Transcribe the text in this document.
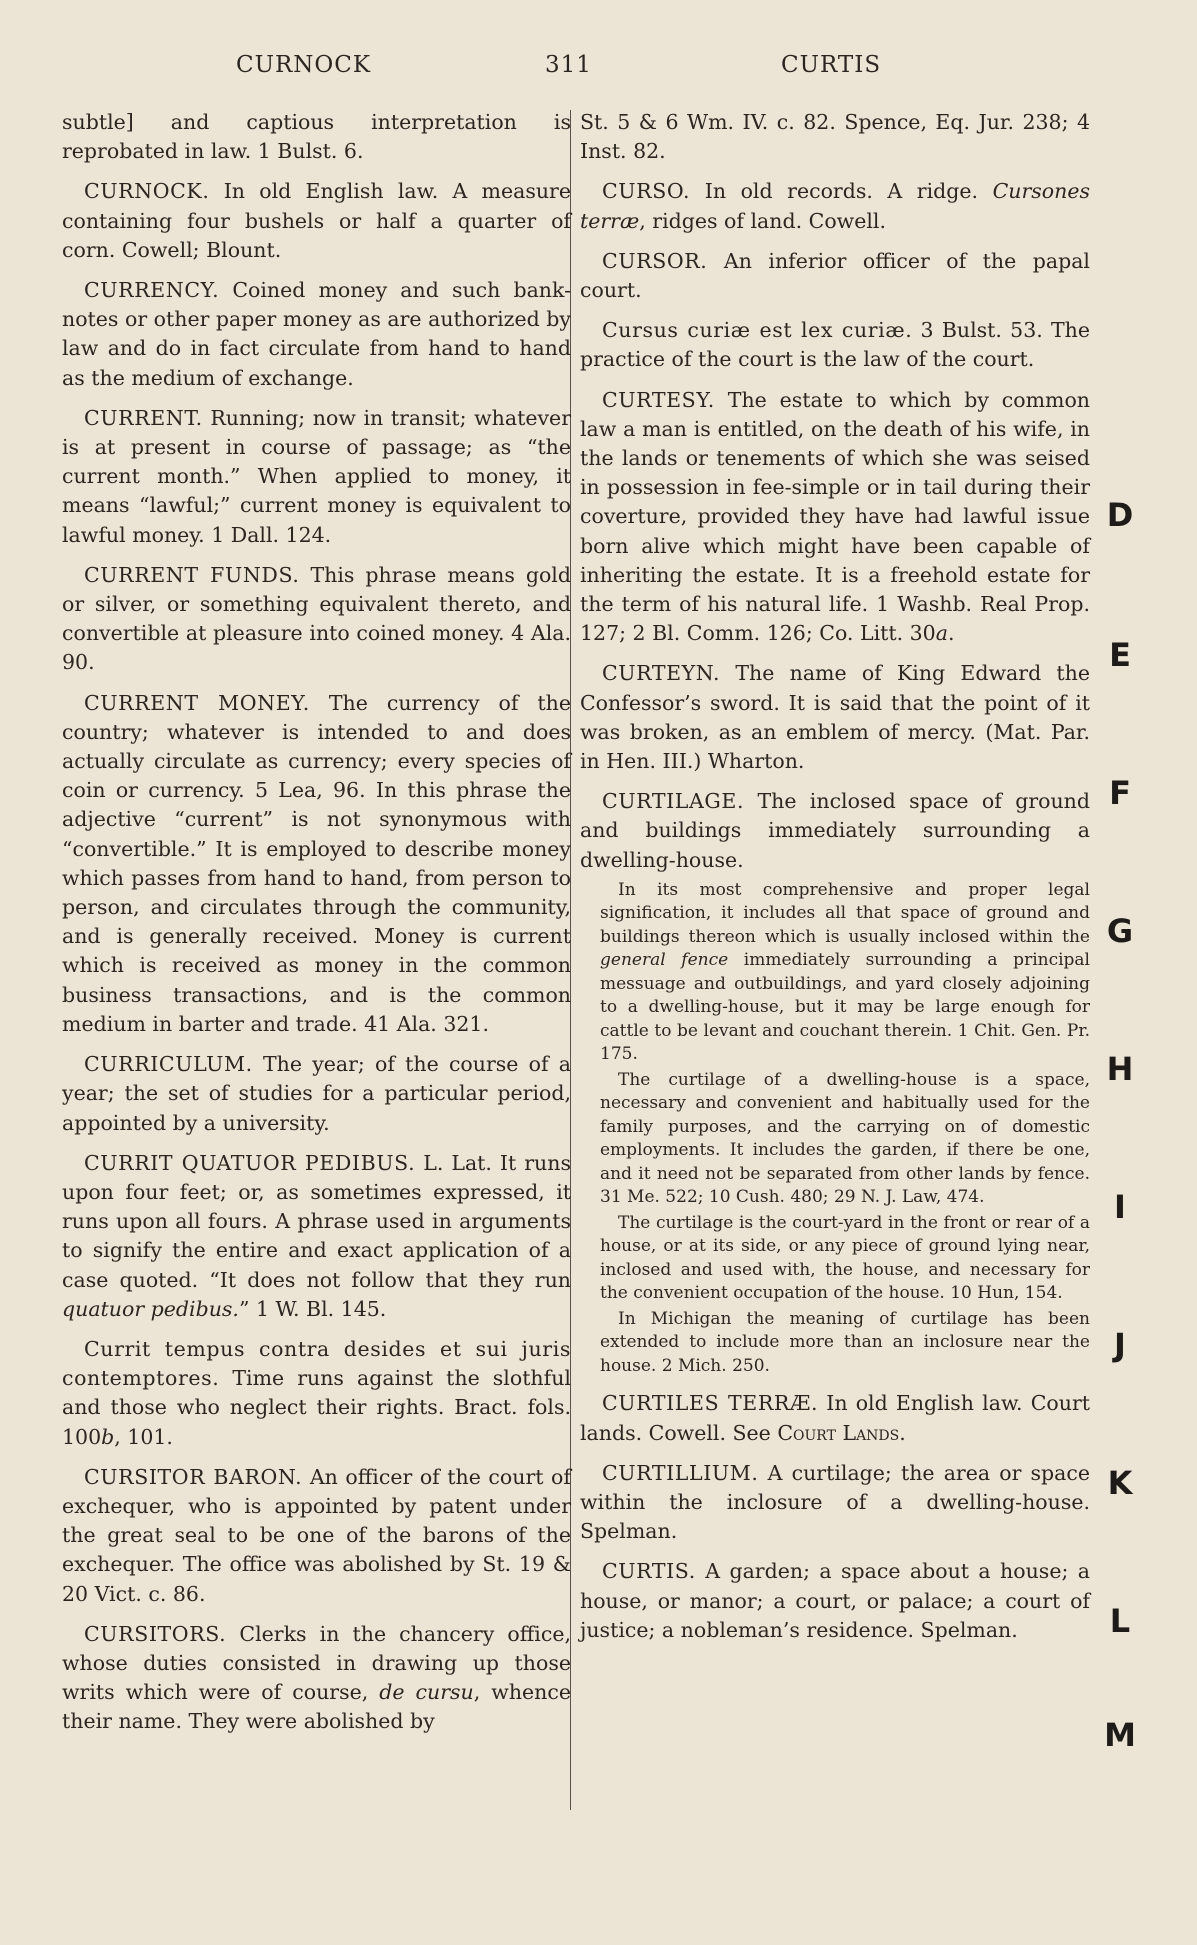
CURNOCK	311	CURTIS

subtle] and captious interpretation is reprobated in law. 1 Bulst. 6.

CURNOCK. In old English law. A measure containing four bushels or half a quarter of corn. Cowell; Blount.

CURRENCY. Coined money and such bank-notes or other paper money as are authorized by law and do in fact circulate from hand to hand as the medium of exchange.

CURRENT. Running; now in transit; whatever is at present in course of passage; as “the current month.” When applied to money, it means “lawful;” current money is equivalent to lawful money. 1 Dall. 124.

CURRENT FUNDS. This phrase means gold or silver, or something equivalent thereto, and convertible at pleasure into coined money. 4 Ala. 90.

CURRENT MONEY. The currency of the country; whatever is intended to and does actually circulate as currency; every species of coin or currency. 5 Lea, 96. In this phrase the adjective “current” is not synonymous with “convertible.” It is employed to describe money which passes from hand to hand, from person to person, and circulates through the community, and is generally received. Money is current which is received as money in the common business transactions, and is the common medium in barter and trade. 41 Ala. 321.

CURRICULUM. The year; of the course of a year; the set of studies for a particular period, appointed by a university.

CURRIT QUATUOR PEDIBUS. L. Lat. It runs upon four feet; or, as sometimes expressed, it runs upon all fours. A phrase used in arguments to signify the entire and exact application of a case quoted. “It does not follow that they run quatuor pedibus.” 1 W. Bl. 145.

Currit tempus contra desides et sui juris contemptores. Time runs against the slothful and those who neglect their rights. Bract. fols. 100b, 101.

CURSITOR BARON. An officer of the court of exchequer, who is appointed by patent under the great seal to be one of the barons of the exchequer. The office was abolished by St. 19 & 20 Vict. c. 86.

CURSITORS. Clerks in the chancery office, whose duties consisted in drawing up those writs which were of course, de cursu, whence their name. They were abolished by

St. 5 & 6 Wm. IV. c. 82. Spence, Eq. Jur. 238; 4 Inst. 82.

CURSO. In old records. A ridge. Cursones terræ, ridges of land. Cowell.

CURSOR. An inferior officer of the papal court.

Cursus curiæ est lex curiæ. 3 Bulst. 53. The practice of the court is the law of the court.

CURTESY. The estate to which by common law a man is entitled, on the death of his wife, in the lands or tenements of which she was seised in possession in fee-simple or in tail during their coverture, provided they have had lawful issue born alive which might have been capable of inheriting the estate. It is a freehold estate for the term of his natural life. 1 Washb. Real Prop. 127; 2 Bl. Comm. 126; Co. Litt. 30a.

CURTEYN. The name of King Edward the Confessor’s sword. It is said that the point of it was broken, as an emblem of mercy. (Mat. Par. in Hen. III.) Wharton.

CURTILAGE. The inclosed space of ground and buildings immediately surrounding a dwelling-house.

In its most comprehensive and proper legal signification, it includes all that space of ground and buildings thereon which is usually inclosed within the general fence immediately surrounding a principal messuage and outbuildings, and yard closely adjoining to a dwelling-house, but it may be large enough for cattle to be levant and couchant therein. 1 Chit. Gen. Pr. 175.

The curtilage of a dwelling-house is a space, necessary and convenient and habitually used for the family purposes, and the carrying on of domestic employments. It includes the garden, if there be one, and it need not be separated from other lands by fence. 31 Me. 522; 10 Cush. 480; 29 N. J. Law, 474.

The curtilage is the court-yard in the front or rear of a house, or at its side, or any piece of ground lying near, inclosed and used with, the house, and necessary for the convenient occupation of the house. 10 Hun, 154.

In Michigan the meaning of curtilage has been extended to include more than an inclosure near the house. 2 Mich. 250.

CURTILES TERRÆ. In old English law. Court lands. Cowell. See Court Lands.

CURTILLIUM. A curtilage; the area or space within the inclosure of a dwelling-house. Spelman.

CURTIS. A garden; a space about a house; a house, or manor; a court, or palace; a court of justice; a nobleman’s residence. Spelman.

D
E
F
G
H
I
J
K
L
M
